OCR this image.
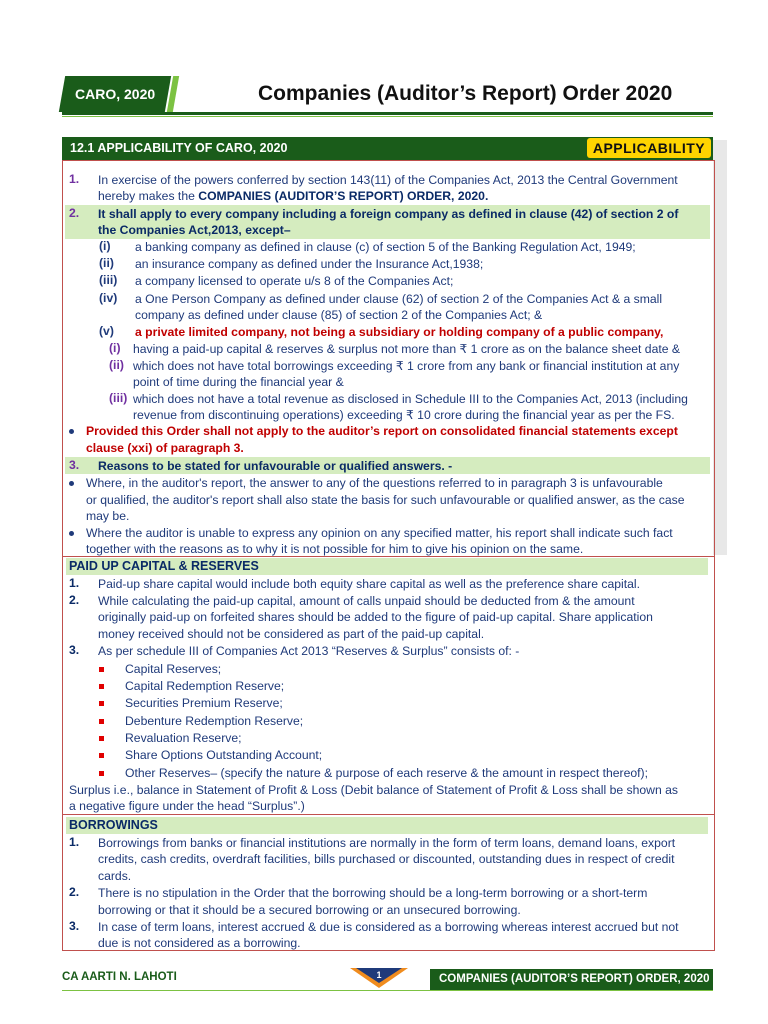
CARO, 2020	Companies (Auditor’s Report) Order 2020
12.1 APPLICABILITY OF CARO, 2020	APPLICABILITY
1. In exercise of the powers conferred by section 143(11) of the Companies Act, 2013 the Central Government
hereby makes the COMPANIES (AUDITOR’S REPORT) ORDER, 2020.
2. It shall apply to every company including a foreign company as defined in clause (42) of section 2 of
the Companies Act,2013, except–
(i) a banking company as defined in clause (c) of section 5 of the Banking Regulation Act, 1949;
(ii) an insurance company as defined under the Insurance Act,1938;
(iii) a company licensed to operate u/s 8 of the Companies Act;
(iv) a One Person Company as defined under clause (62) of section 2 of the Companies Act & a small
company as defined under clause (85) of section 2 of the Companies Act; &
(v) a private limited company, not being a subsidiary or holding company of a public company,
(i) having a paid-up capital & reserves & surplus not more than ₹ 1 crore as on the balance sheet date &
(ii) which does not have total borrowings exceeding ₹ 1 crore from any bank or financial institution at any
point of time during the financial year &
(iii) which does not have a total revenue as disclosed in Schedule III to the Companies Act, 2013 (including
revenue from discontinuing operations) exceeding ₹ 10 crore during the financial year as per the FS.
Provided this Order shall not apply to the auditor’s report on consolidated financial statements except
clause (xxi) of paragraph 3.
3. Reasons to be stated for unfavourable or qualified answers. -
Where, in the auditor's report, the answer to any of the questions referred to in paragraph 3 is unfavourable
or qualified, the auditor's report shall also state the basis for such unfavourable or qualified answer, as the case
may be.
Where the auditor is unable to express any opinion on any specified matter, his report shall indicate such fact
together with the reasons as to why it is not possible for him to give his opinion on the same.
PAID UP CAPITAL & RESERVES
1. Paid-up share capital would include both equity share capital as well as the preference share capital.
2. While calculating the paid-up capital, amount of calls unpaid should be deducted from & the amount
originally paid-up on forfeited shares should be added to the figure of paid-up capital. Share application
money received should not be considered as part of the paid-up capital.
3. As per schedule III of Companies Act 2013 “Reserves & Surplus” consists of: -
Capital Reserves;
Capital Redemption Reserve;
Securities Premium Reserve;
Debenture Redemption Reserve;
Revaluation Reserve;
Share Options Outstanding Account;
Other Reserves– (specify the nature & purpose of each reserve & the amount in respect thereof);
Surplus i.e., balance in Statement of Profit & Loss (Debit balance of Statement of Profit & Loss shall be shown as
a negative figure under the head “Surplus”.)
BORROWINGS
1. Borrowings from banks or financial institutions are normally in the form of term loans, demand loans, export
credits, cash credits, overdraft facilities, bills purchased or discounted, outstanding dues in respect of credit
cards.
2. There is no stipulation in the Order that the borrowing should be a long-term borrowing or a short-term
borrowing or that it should be a secured borrowing or an unsecured borrowing.
3. In case of term loans, interest accrued & due is considered as a borrowing whereas interest accrued but not
due is not considered as a borrowing.
CA AARTI N. LAHOTI	1	COMPANIES (AUDITOR’S REPORT) ORDER, 2020
